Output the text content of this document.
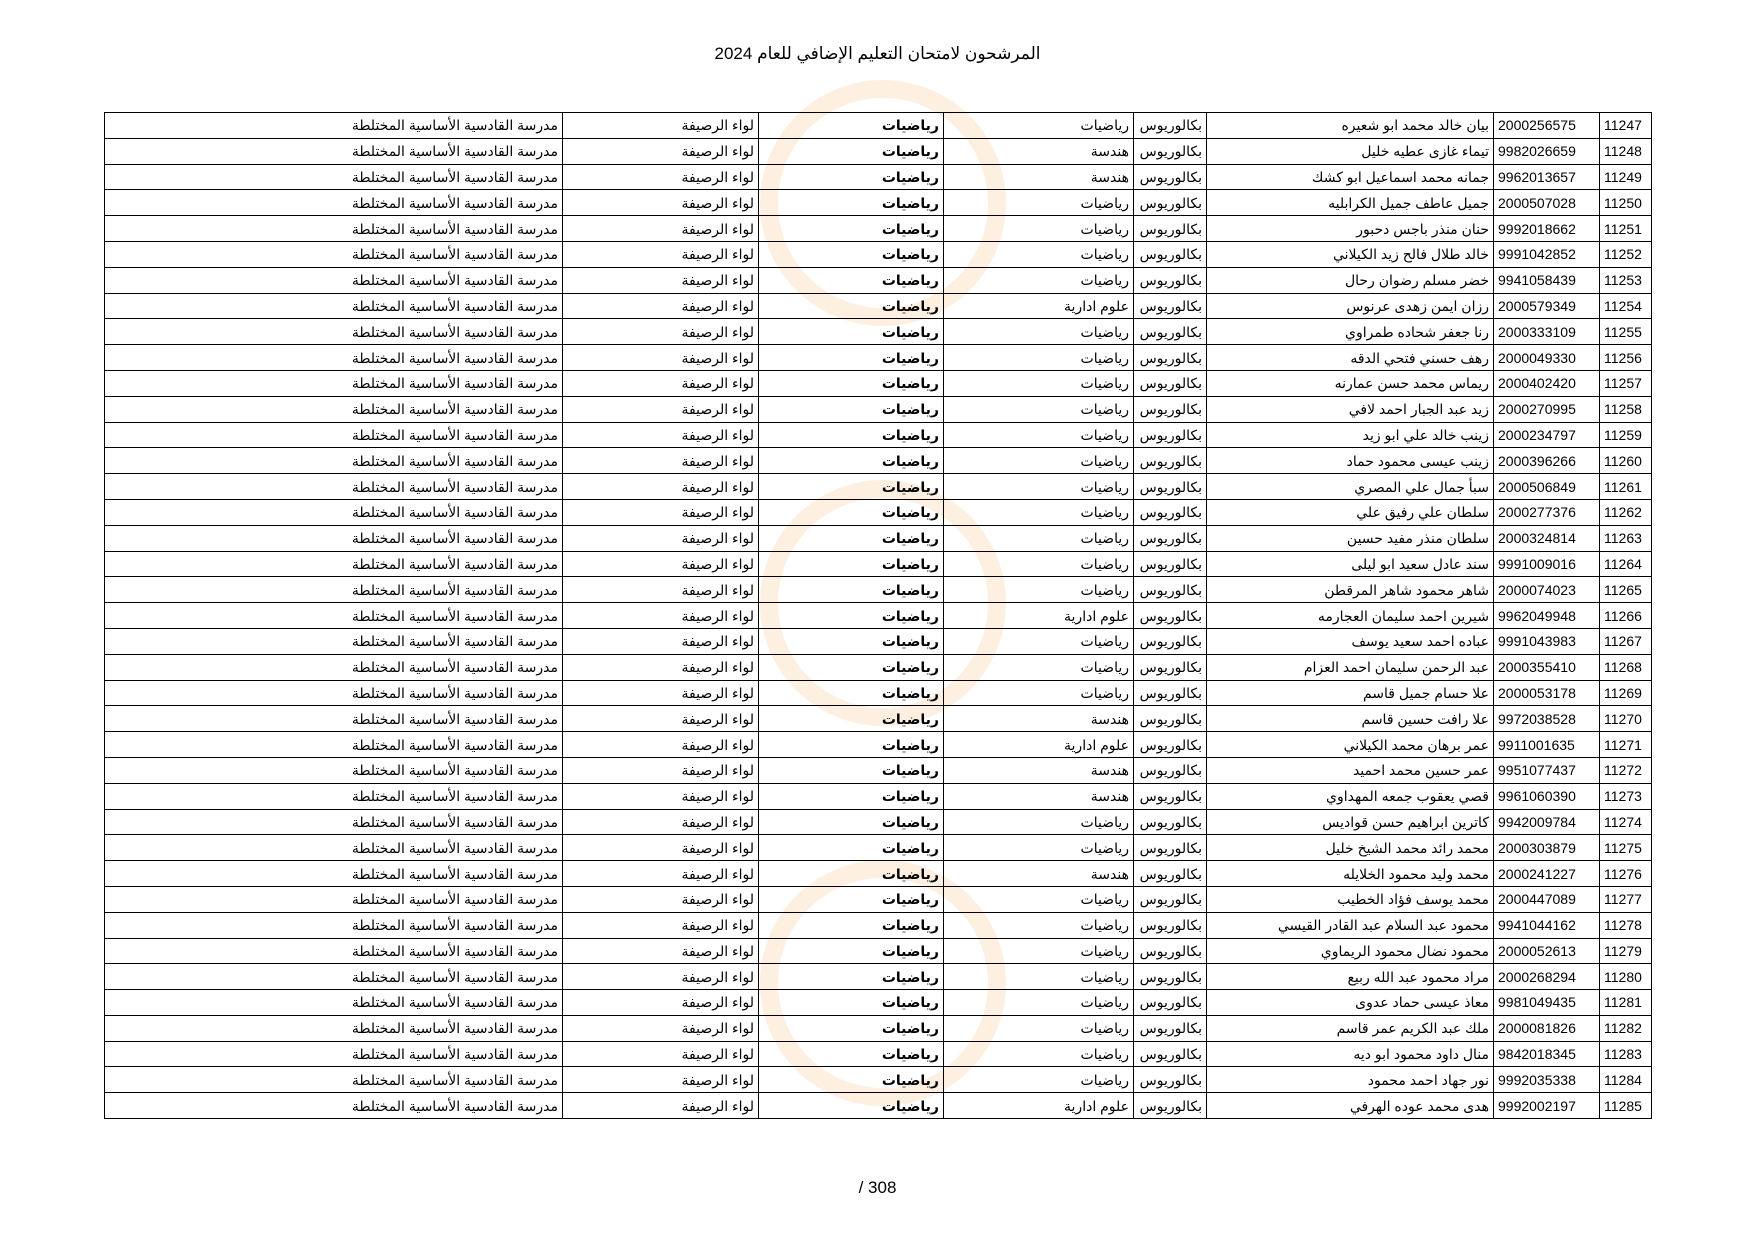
المرشحون لامتحان التعليم الإضافي للعام 2024
11247	2000256575	بيان خالد محمد ابو شعيره	بكالوريوس	رياضيات	رياضيات	لواء الرصيفة	مدرسة القادسية الأساسية المختلطة
11248	9982026659	تيماء غازى عطيه خليل	بكالوريوس	هندسة	رياضيات	لواء الرصيفة	مدرسة القادسية الأساسية المختلطة
11249	9962013657	جمانه محمد اسماعيل ابو كشك	بكالوريوس	هندسة	رياضيات	لواء الرصيفة	مدرسة القادسية الأساسية المختلطة
11250	2000507028	جميل عاطف جميل الكرابليه	بكالوريوس	رياضيات	رياضيات	لواء الرصيفة	مدرسة القادسية الأساسية المختلطة
11251	9992018662	حنان منذر باجس دحبور	بكالوريوس	رياضيات	رياضيات	لواء الرصيفة	مدرسة القادسية الأساسية المختلطة
11252	9991042852	خالد طلال فالح زيد الكيلاني	بكالوريوس	رياضيات	رياضيات	لواء الرصيفة	مدرسة القادسية الأساسية المختلطة
11253	9941058439	خضر مسلم رضوان رحال	بكالوريوس	رياضيات	رياضيات	لواء الرصيفة	مدرسة القادسية الأساسية المختلطة
11254	2000579349	رزان ايمن زهدى عرنوس	بكالوريوس	علوم ادارية	رياضيات	لواء الرصيفة	مدرسة القادسية الأساسية المختلطة
11255	2000333109	رنا جعفر شحاده طمراوي	بكالوريوس	رياضيات	رياضيات	لواء الرصيفة	مدرسة القادسية الأساسية المختلطة
11256	2000049330	رهف حسني فتحي الدقه	بكالوريوس	رياضيات	رياضيات	لواء الرصيفة	مدرسة القادسية الأساسية المختلطة
11257	2000402420	ريماس محمد حسن عمارنه	بكالوريوس	رياضيات	رياضيات	لواء الرصيفة	مدرسة القادسية الأساسية المختلطة
11258	2000270995	زيد عبد الجبار احمد لافي	بكالوريوس	رياضيات	رياضيات	لواء الرصيفة	مدرسة القادسية الأساسية المختلطة
11259	2000234797	زينب خالد علي ابو زيد	بكالوريوس	رياضيات	رياضيات	لواء الرصيفة	مدرسة القادسية الأساسية المختلطة
11260	2000396266	زينب عيسى محمود حماد	بكالوريوس	رياضيات	رياضيات	لواء الرصيفة	مدرسة القادسية الأساسية المختلطة
11261	2000506849	سبأ جمال علي المصري	بكالوريوس	رياضيات	رياضيات	لواء الرصيفة	مدرسة القادسية الأساسية المختلطة
11262	2000277376	سلطان علي رفيق علي	بكالوريوس	رياضيات	رياضيات	لواء الرصيفة	مدرسة القادسية الأساسية المختلطة
11263	2000324814	سلطان منذر مفيد حسين	بكالوريوس	رياضيات	رياضيات	لواء الرصيفة	مدرسة القادسية الأساسية المختلطة
11264	9991009016	سند عادل سعيد ابو ليلى	بكالوريوس	رياضيات	رياضيات	لواء الرصيفة	مدرسة القادسية الأساسية المختلطة
11265	2000074023	شاهر محمود شاهر المرقطن	بكالوريوس	رياضيات	رياضيات	لواء الرصيفة	مدرسة القادسية الأساسية المختلطة
11266	9962049948	شيرين احمد سليمان العجارمه	بكالوريوس	علوم ادارية	رياضيات	لواء الرصيفة	مدرسة القادسية الأساسية المختلطة
11267	9991043983	عباده احمد سعيد يوسف	بكالوريوس	رياضيات	رياضيات	لواء الرصيفة	مدرسة القادسية الأساسية المختلطة
11268	2000355410	عبد الرحمن سليمان احمد العزام	بكالوريوس	رياضيات	رياضيات	لواء الرصيفة	مدرسة القادسية الأساسية المختلطة
11269	2000053178	علا حسام جميل قاسم	بكالوريوس	رياضيات	رياضيات	لواء الرصيفة	مدرسة القادسية الأساسية المختلطة
11270	9972038528	علا رافت حسين قاسم	بكالوريوس	هندسة	رياضيات	لواء الرصيفة	مدرسة القادسية الأساسية المختلطة
11271	9911001635	عمر برهان محمد الكيلاني	بكالوريوس	علوم ادارية	رياضيات	لواء الرصيفة	مدرسة القادسية الأساسية المختلطة
11272	9951077437	عمر حسين محمد احميد	بكالوريوس	هندسة	رياضيات	لواء الرصيفة	مدرسة القادسية الأساسية المختلطة
11273	9961060390	قصي يعقوب جمعه المهداوي	بكالوريوس	هندسة	رياضيات	لواء الرصيفة	مدرسة القادسية الأساسية المختلطة
11274	9942009784	كاترين ابراهيم حسن قواديس	بكالوريوس	رياضيات	رياضيات	لواء الرصيفة	مدرسة القادسية الأساسية المختلطة
11275	2000303879	محمد رائد محمد الشيخ خليل	بكالوريوس	رياضيات	رياضيات	لواء الرصيفة	مدرسة القادسية الأساسية المختلطة
11276	2000241227	محمد وليد محمود الخلايله	بكالوريوس	هندسة	رياضيات	لواء الرصيفة	مدرسة القادسية الأساسية المختلطة
11277	2000447089	محمد يوسف فؤاد الخطيب	بكالوريوس	رياضيات	رياضيات	لواء الرصيفة	مدرسة القادسية الأساسية المختلطة
11278	9941044162	محمود عبد السلام عبد القادر القيسي	بكالوريوس	رياضيات	رياضيات	لواء الرصيفة	مدرسة القادسية الأساسية المختلطة
11279	2000052613	محمود نضال محمود الريماوي	بكالوريوس	رياضيات	رياضيات	لواء الرصيفة	مدرسة القادسية الأساسية المختلطة
11280	2000268294	مراد محمود عبد الله ربيع	بكالوريوس	رياضيات	رياضيات	لواء الرصيفة	مدرسة القادسية الأساسية المختلطة
11281	9981049435	معاذ عيسى حماد عدوى	بكالوريوس	رياضيات	رياضيات	لواء الرصيفة	مدرسة القادسية الأساسية المختلطة
11282	2000081826	ملك عبد الكريم عمر قاسم	بكالوريوس	رياضيات	رياضيات	لواء الرصيفة	مدرسة القادسية الأساسية المختلطة
11283	9842018345	منال داود محمود ابو ديه	بكالوريوس	رياضيات	رياضيات	لواء الرصيفة	مدرسة القادسية الأساسية المختلطة
11284	9992035338	نور جهاد احمد محمود	بكالوريوس	رياضيات	رياضيات	لواء الرصيفة	مدرسة القادسية الأساسية المختلطة
11285	9992002197	هدى محمد عوده الهرفي	بكالوريوس	علوم ادارية	رياضيات	لواء الرصيفة	مدرسة القادسية الأساسية المختلطة
308 /
